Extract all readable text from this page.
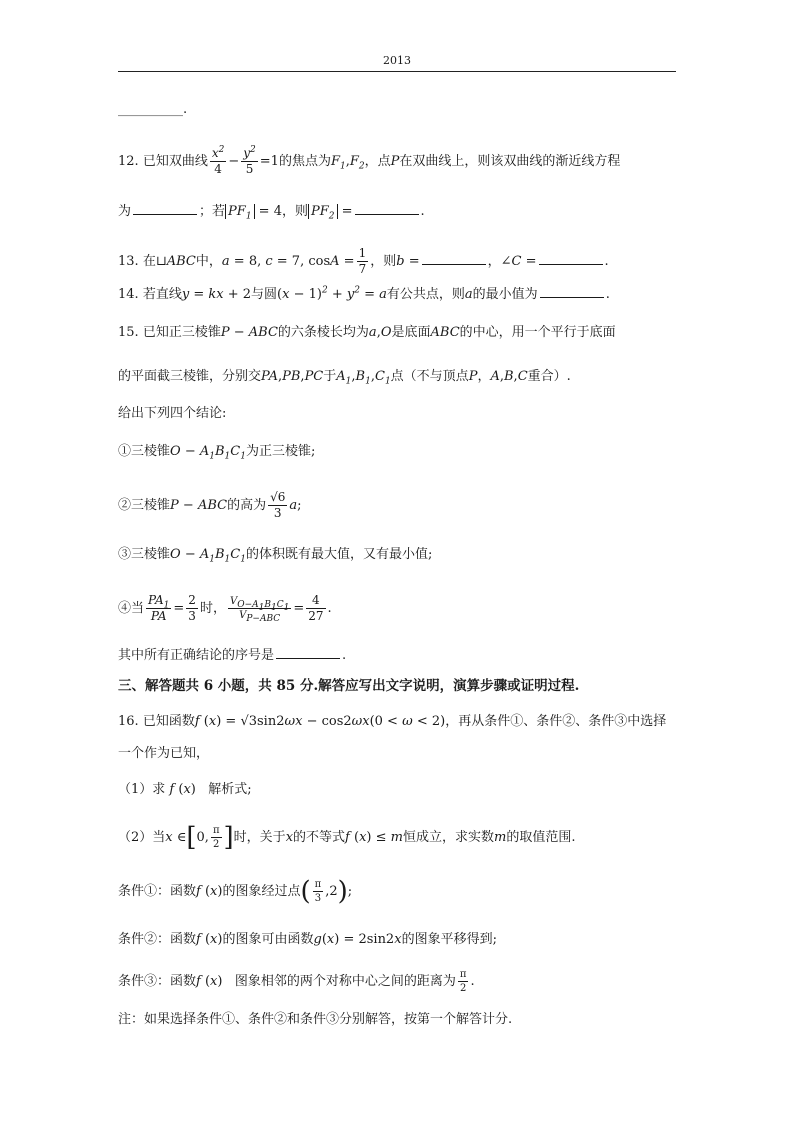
2013
__________.
12. 已知双曲线 $\frac{x^2}{4} - \frac{y^2}{5} =1$的焦点为$F_1,F_2$，点P在双曲线上，则该双曲线的渐近线方程
为	；若 $PF_1 = 4$，则 $PF_2$ =	.
13. 在⊔ABC中，a = 8, c = 7, $\cos A = \frac{1}{7}$ ，则b =	，∠C =	.
14. 若直线y = kx + 2与圆$(x - 1)^2 + y^2 = a$有公共点，则a的最小值为	.
15. 已知正三棱锥P − ABC的六条棱长均为a,O是底面ABC的中心，用一个平行于底面
的平面截三棱锥，分别交PA,PB,PC于$A_1,B_1,C_1$点（不与顶点P，A,B,C重合）.
给出下列四个结论:
①三棱锥$O - A_1B_1C_1$为正三棱锥;
②三棱锥P − ABC的高为 $\frac{√6}{3} a$;
③三棱锥$O - A_1B_1C_1$的体积既有最大值，又有最小值;
④当 $\frac{PA_1}{PA} = \frac{2}{3}$ 时， $\frac{V_{O-A_1B_1C_1}}{V_{P-ABC}} = \frac{4}{27}$ .
其中所有正确结论的序号是	.
三、解答题共 6 小题，共 85 分.解答应写出文字说明，演算步骤或证明过程.
16. 已知函数f (x) = √3sin2ωx − cos2ωx(0 < ω < 2)，再从条件①、条件②、条件③中选择
一个作为已知，
（1）求 f (x) 解析式;
（2）当x ∈[0, $\frac{\pi}{2}$ ]时，关于x的不等式f (x) ≤ m恒成立，求实数m的取值范围.
条件①：函数f (x)的图象经过点( $\frac{\pi}{3} ,2$);
条件②：函数f (x)的图象可由函数g(x) = 2sin2x的图象平移得到;
条件③：函数f (x) 图象相邻的两个对称中心之间的距离为 $\frac{\pi}{2}$ .
注：如果选择条件①、条件②和条件③分别解答，按第一个解答计分.
